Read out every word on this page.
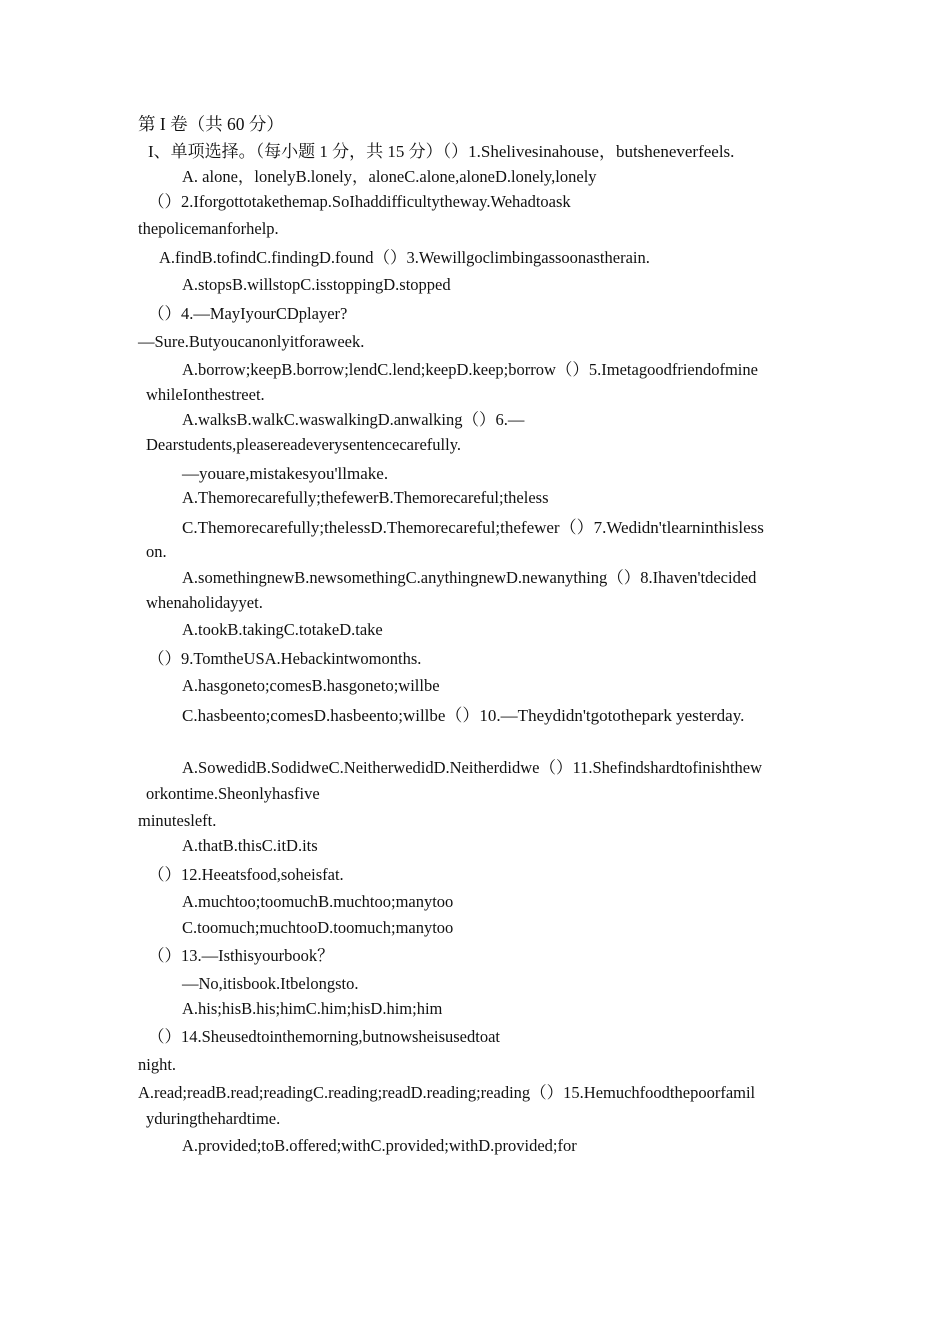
第 I 卷（共 60 分）
I、单项选择。（每小题 1 分，共 15 分）（）1.Shelivesinahouse，butsheneverfeels.
A. alone，lonelyB.lonely，aloneC.alone,aloneD.lonely,lonely
（）2.Iforgottotakethemap.SoIhaddifficultytheway.Wehadtoask
thepolicemanforhelp.
A.findB.tofindC.findingD.found（）3.Wewillgoclimbingassoonastherain.
A.stopsB.willstopC.isstoppingD.stopped
（）4.—MayIyourCDplayer?
—Sure.Butyoucanonlyitforaweek.
A.borrow;keepB.borrow;lendC.lend;keepD.keep;borrow（）5.Imetagoodfriendofmine
whileIonthestreet.
A.walksB.walkC.waswalkingD.anwalking（）6.—
Dearstudents,pleasereadeverysentencecarefully.
—youare,mistakesyou'llmake.
A.Themorecarefully;thefewerB.Themorecareful;theless
C.Themorecarefully;thelessD.Themorecareful;thefewer（）7.Wedidn'tlearninthisless
on.
A.somethingnewB.newsomethingC.anythingnewD.newanything（）8.Ihaven'tdecided
whenaholidayyet.
A.tookB.takingC.totakeD.take
（）9.TomtheUSA.Hebackintwomonths.
A.hasgoneto;comesB.hasgoneto;willbe
C.hasbeento;comesD.hasbeento;willbe（）10.—Theydidn'tgotothepark yesterday.
A.SowedidB.SodidweC.NeitherwedidD.Neitherdidwe（）11.Shefindshardtofinishthew
orkontime.Sheonlyhasfive
minutesleft.
A.thatB.thisC.itD.its
（）12.Heeatsfood,soheisfat.
A.muchtoo;toomuchB.muchtoo;manytoo
C.toomuch;muchtooD.toomuch;manytoo
（）13.—Isthisyourbook？
—No,itisbook.Itbelongsto.
A.his;hisB.his;himC.him;hisD.him;him
（）14.Sheusedtointhemorning,butnowsheisusedtoat
night.
A.read;readB.read;readingC.reading;readD.reading;reading（）15.Hemuchfoodthepoorfamil
yduringthehardtime.
A.provided;toB.offered;withC.provided;withD.provided;for
